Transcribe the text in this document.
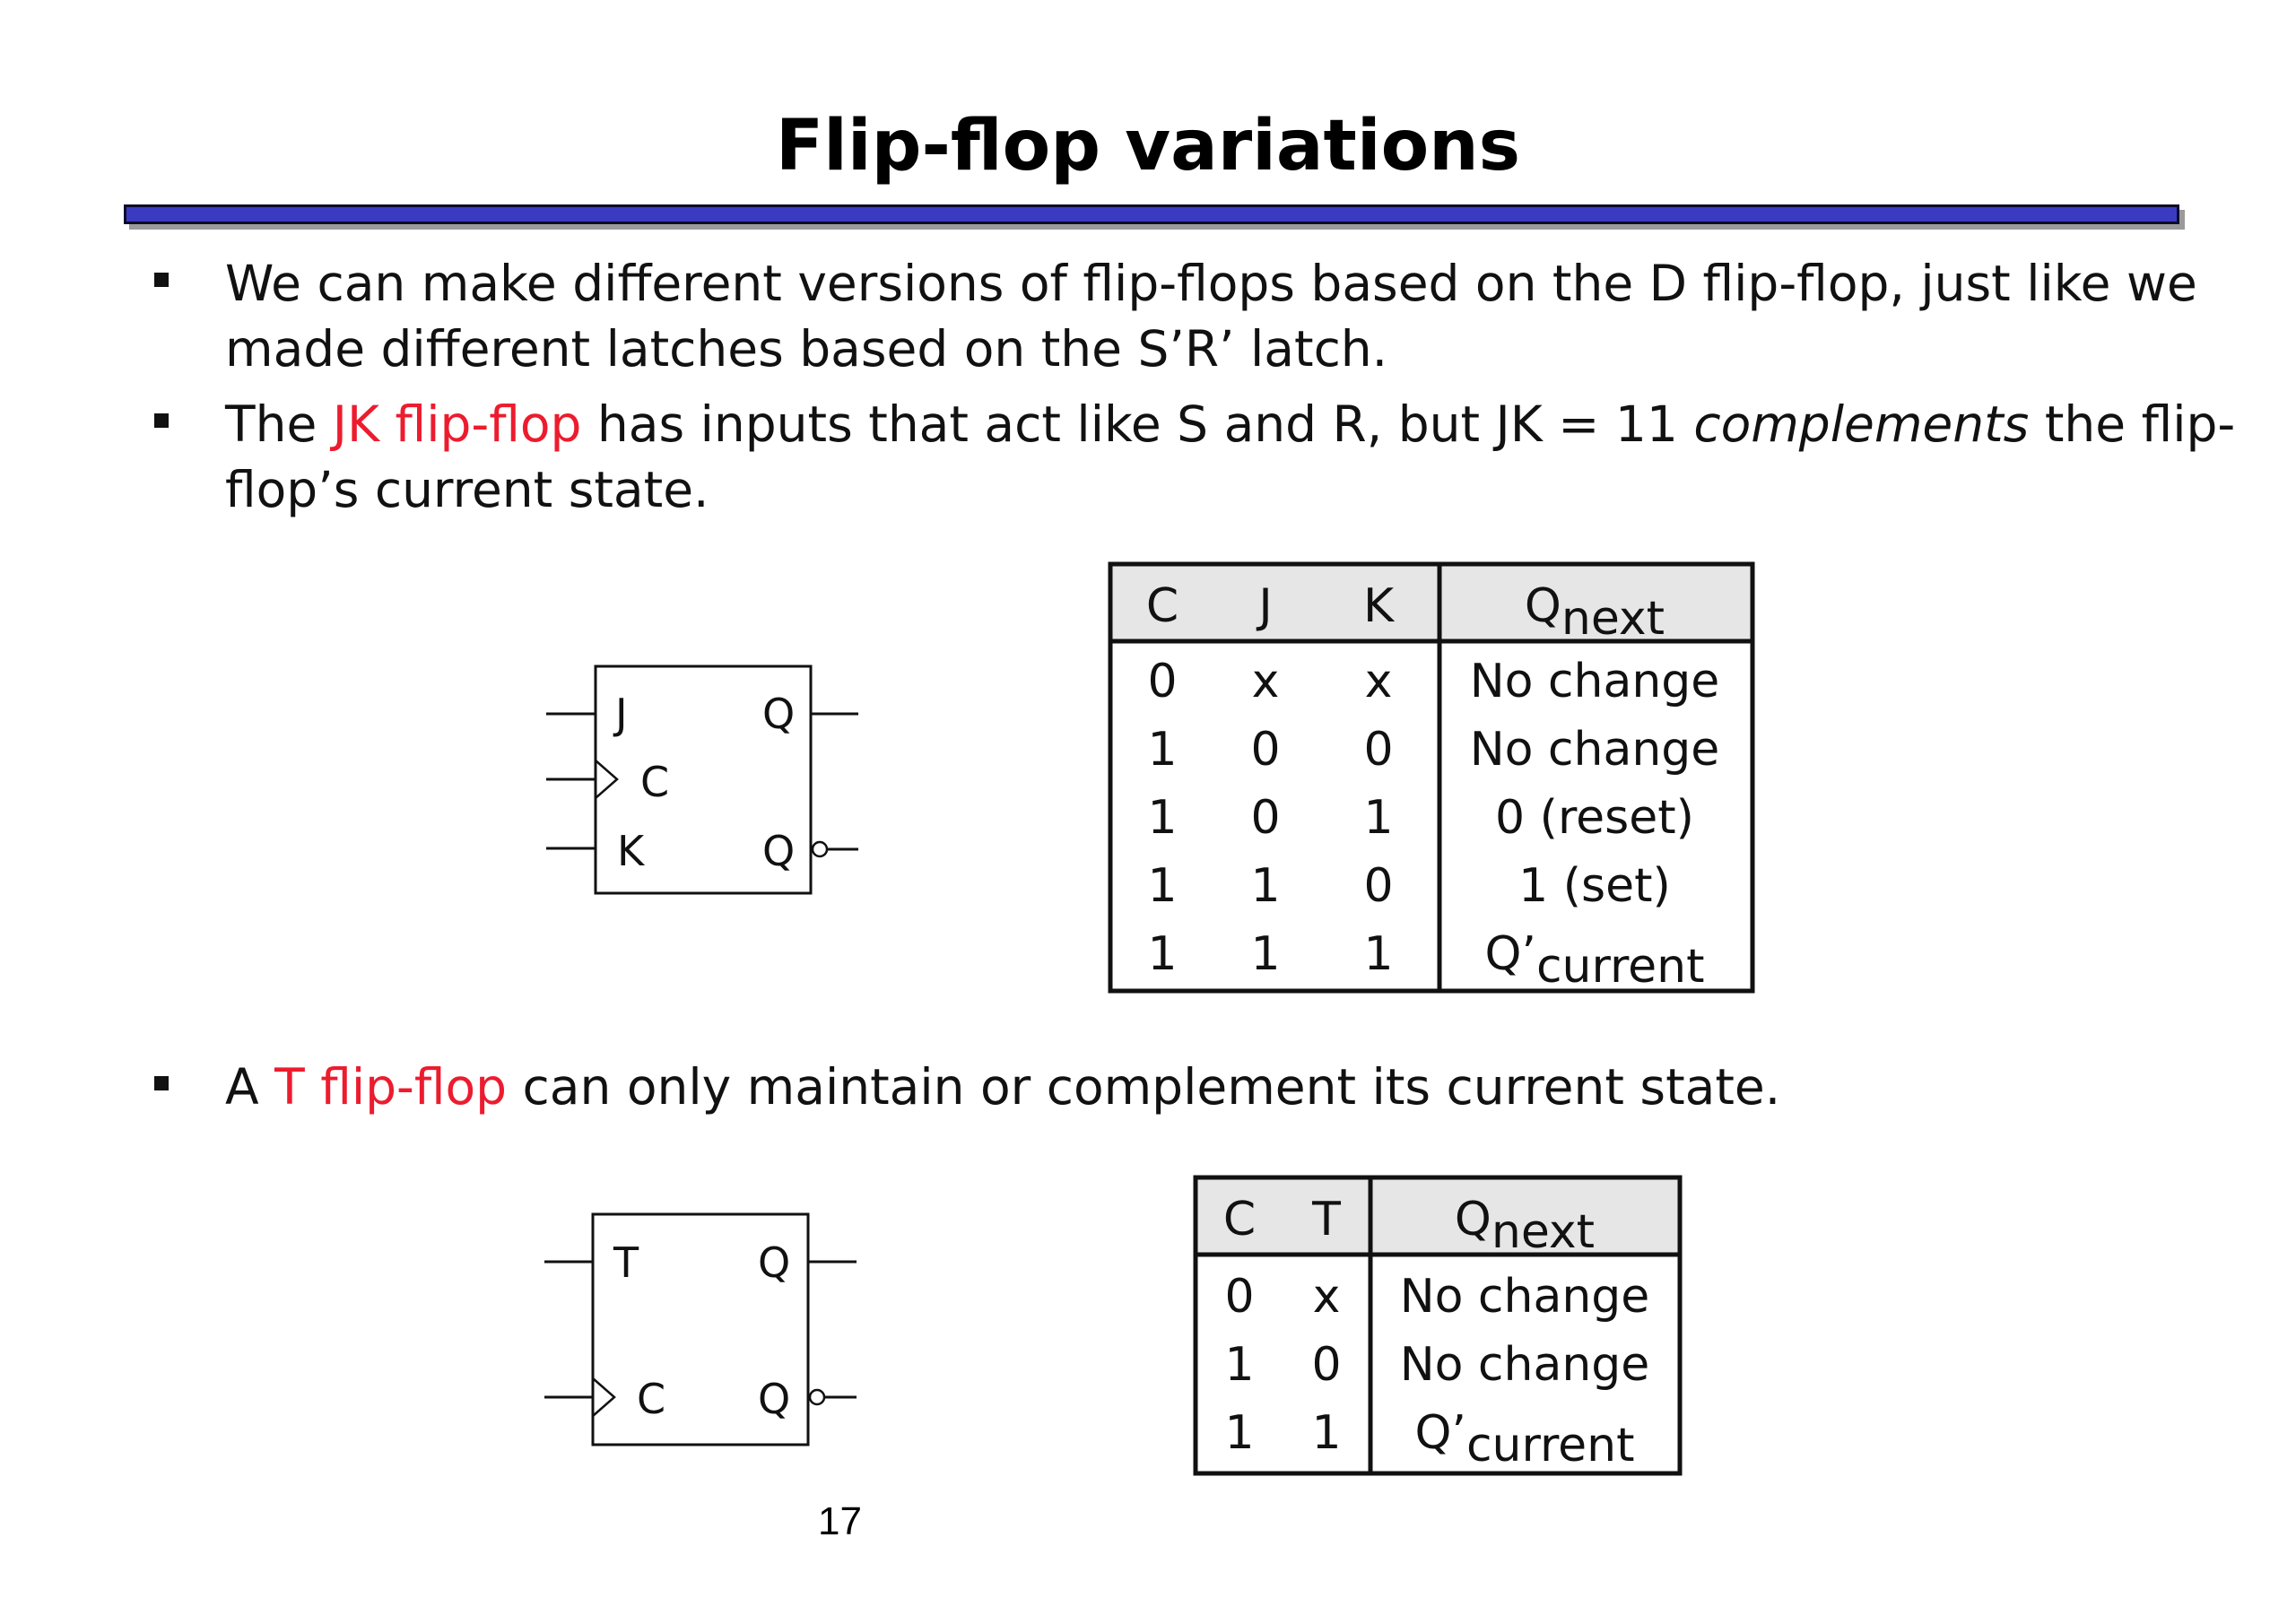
Flip-flop variations
We can make different versions of flip-flops based on the D flip-flop, just like we made different latches based on the S’R’ latch.
The JK flip-flop has inputs that act like S and R, but JK = 11 complements the flip-flop’s current state.
J
C
K
Q
Q
C J K	Qnext
0 x x No change
1 0 0 No change
1 0 1 0 (reset)
1 1 0	1 (set)
1 1 1 Q’current
A T flip-flop can only maintain or complement its current state.
T
C
Q
Q
C T Qnext
0 x No change
1 0 No change
1 1 Q’current
17
